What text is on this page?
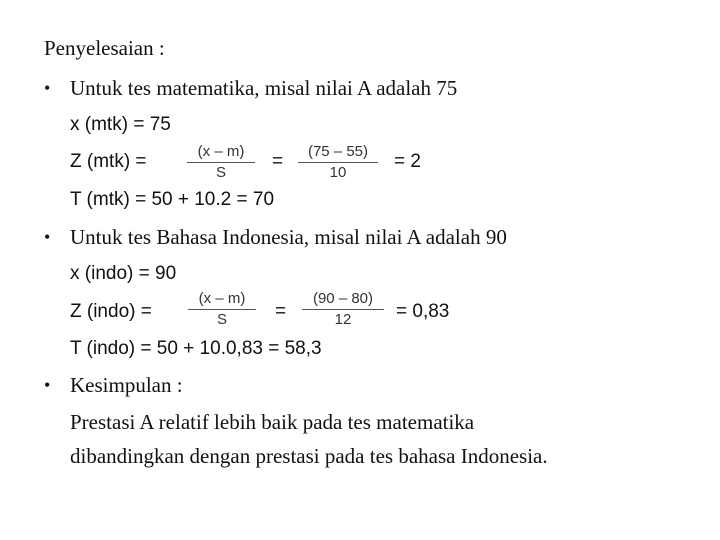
Penyelesaian :
• Untuk tes matematika, misal nilai A adalah 75
x (mtk) = 75
Z (mtk) =	(x – m)
S
=	(75 – 55)
10
= 2
T (mtk) = 50 + 10.2 = 70
• Untuk tes Bahasa Indonesia, misal nilai A adalah 90
x (indo) = 90
Z (indo) =
(x – m)
S	=
(90 – 80)
12	= 0,83
T (indo) = 50 + 10.0,83 = 58,3
• Kesimpulan :
Prestasi A relatif lebih baik pada tes matematika
dibandingkan dengan prestasi pada tes bahasa Indonesia.
